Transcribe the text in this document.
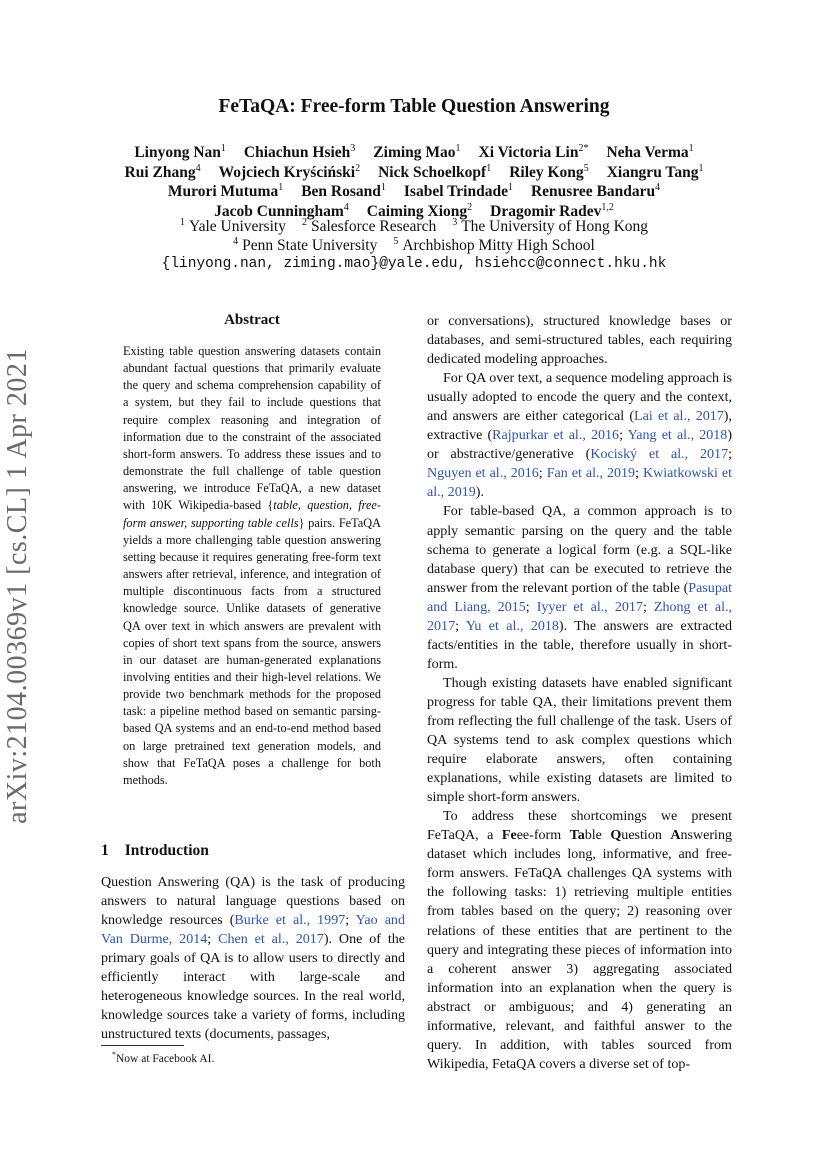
arXiv:2104.00369v1 [cs.CL] 1 Apr 2021
FeTaQA: Free-form Table Question Answering
Linyong Nan$^1$ Chiachun Hsieh$^3$ Ziming Mao$^1$ Xi Victoria Lin$^{2*}$ Neha Verma$^1$
Rui Zhang$^4$ Wojciech Kryściński$^2$ Nick Schoelkopf$^1$ Riley Kong$^5$ Xiangru Tang$^1$
Murori Mutuma$^1$ Ben Rosand$^1$ Isabel Trindade$^1$ Renusree Bandaru$^4$
Jacob Cunningham$^4$ Caiming Xiong$^2$ Dragomir Radev$^{1,2}$
$^1$ Yale University $^2$ Salesforce Research $^3$ The University of Hong Kong
$^4$ Penn State University $^5$ Archbishop Mitty High School
{linyong.nan, ziming.mao}@yale.edu, hsiehcc@connect.hku.hk
Abstract
Existing table question answering datasets contain abundant factual questions that primarily evaluate the query and schema comprehension capability of a system, but they fail to include questions that require complex reasoning and integration of information due to the constraint of the associated short-form answers. To address these issues and to demonstrate the full challenge of table question answering, we introduce FeTaQA, a new dataset with 10K Wikipedia-based {table, question, free-form answer, supporting table cells} pairs. FeTaQA yields a more challenging table question answering setting because it requires generating free-form text answers after retrieval, inference, and integration of multiple discontinuous facts from a structured knowledge source. Unlike datasets of generative QA over text in which answers are prevalent with copies of short text spans from the source, answers in our dataset are human-generated explanations involving entities and their high-level relations. We provide two benchmark methods for the proposed task: a pipeline method based on semantic parsing-based QA systems and an end-to-end method based on large pretrained text generation models, and show that FeTaQA poses a challenge for both methods.
1 Introduction

Question Answering (QA) is the task of producing answers to natural language questions based on knowledge resources (Burke et al., 1997; Yao and Van Durme, 2014; Chen et al., 2017). One of the primary goals of QA is to allow users to directly and efficiently interact with large-scale and heterogeneous knowledge sources. In the real world, knowledge sources take a variety of forms, including unstructured texts (documents, passages,

or conversations), structured knowledge bases or databases, and semi-structured tables, each requiring dedicated modeling approaches.

For QA over text, a sequence modeling approach is usually adopted to encode the query and the context, and answers are either categorical (Lai et al., 2017), extractive (Rajpurkar et al., 2016; Yang et al., 2018) or abstractive/generative (Kociský et al., 2017; Nguyen et al., 2016; Fan et al., 2019; Kwiatkowski et al., 2019).

For table-based QA, a common approach is to apply semantic parsing on the query and the table schema to generate a logical form (e.g. a SQL-like database query) that can be executed to retrieve the answer from the relevant portion of the table (Pasupat and Liang, 2015; Iyyer et al., 2017; Zhong et al., 2017; Yu et al., 2018). The answers are extracted facts/entities in the table, therefore usually in short-form.

Though existing datasets have enabled significant progress for table QA, their limitations prevent them from reflecting the full challenge of the task. Users of QA systems tend to ask complex questions which require elaborate answers, often containing explanations, while existing datasets are limited to simple short-form answers.

To address these shortcomings we present FeTaQA, a Feee-form Table Question Answering dataset which includes long, informative, and free-form answers. FeTaQA challenges QA systems with the following tasks: 1) retrieving multiple entities from tables based on the query; 2) reasoning over relations of these entities that are pertinent to the query and integrating these pieces of information into a coherent answer 3) aggregating associated information into an explanation when the query is abstract or ambiguous; and 4) generating an informative, relevant, and faithful answer to the query. In addition, with tables sourced from Wikipedia, FetaQA covers a diverse set of top-

*Now at Facebook AI.
